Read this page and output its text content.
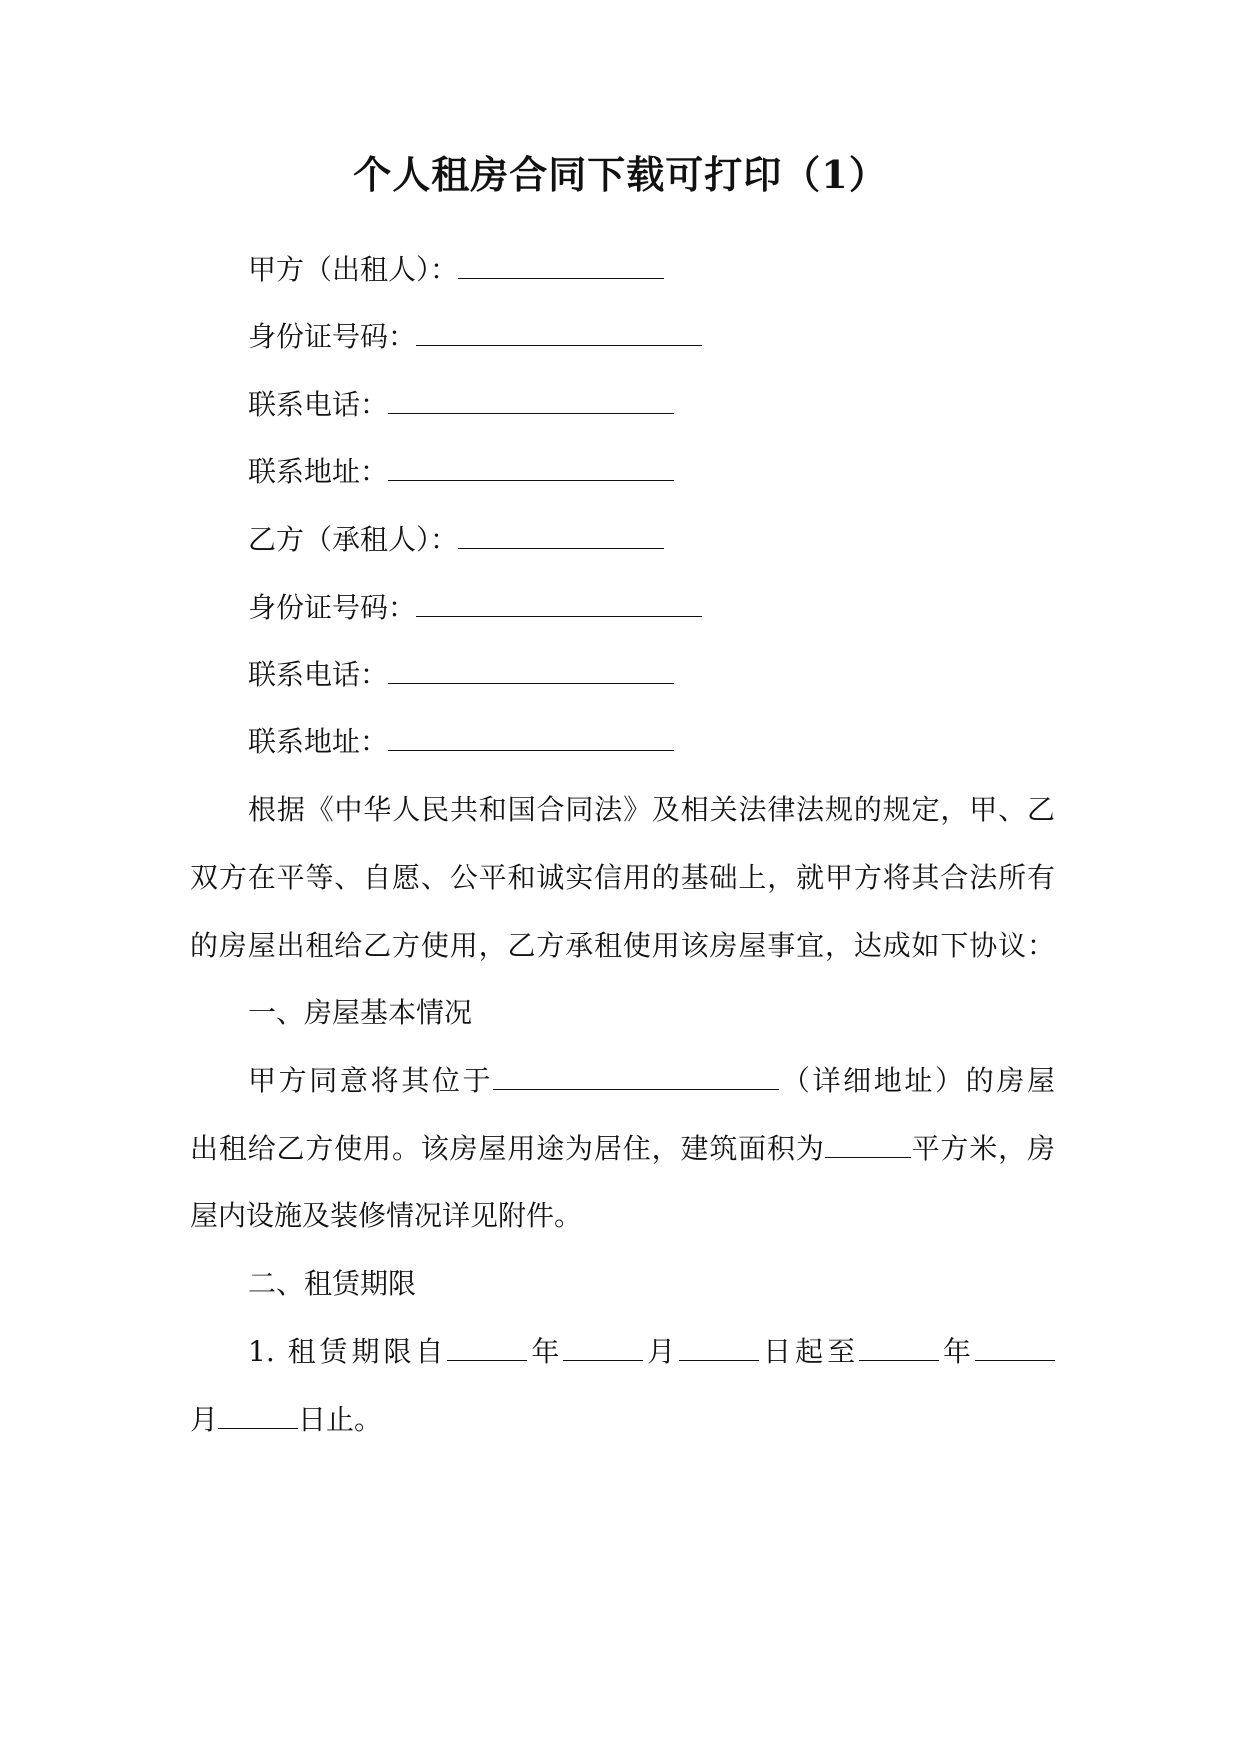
个人租房合同下载可打印（1）
甲方（出租人）：
身份证号码：
联系电话：
联系地址：
乙方（承租人）：
身份证号码：
联系电话：
联系地址：
根据《中华人民共和国合同法》及相关法律法规的规定，甲、乙
双方在平等、自愿、公平和诚实信用的基础上，就甲方将其合法所有
的房屋出租给乙方使用，乙方承租使用该房屋事宜，达成如下协议：
一、房屋基本情况
甲方同意将其位于	（详细地址）的房屋
出租给乙方使用。该房屋用途为居住，建筑面积为	平方米，房
屋内设施及装修情况详见附件。
二、租赁期限
1. 租赁期限自	年	月	日起至	年
月	日止。
